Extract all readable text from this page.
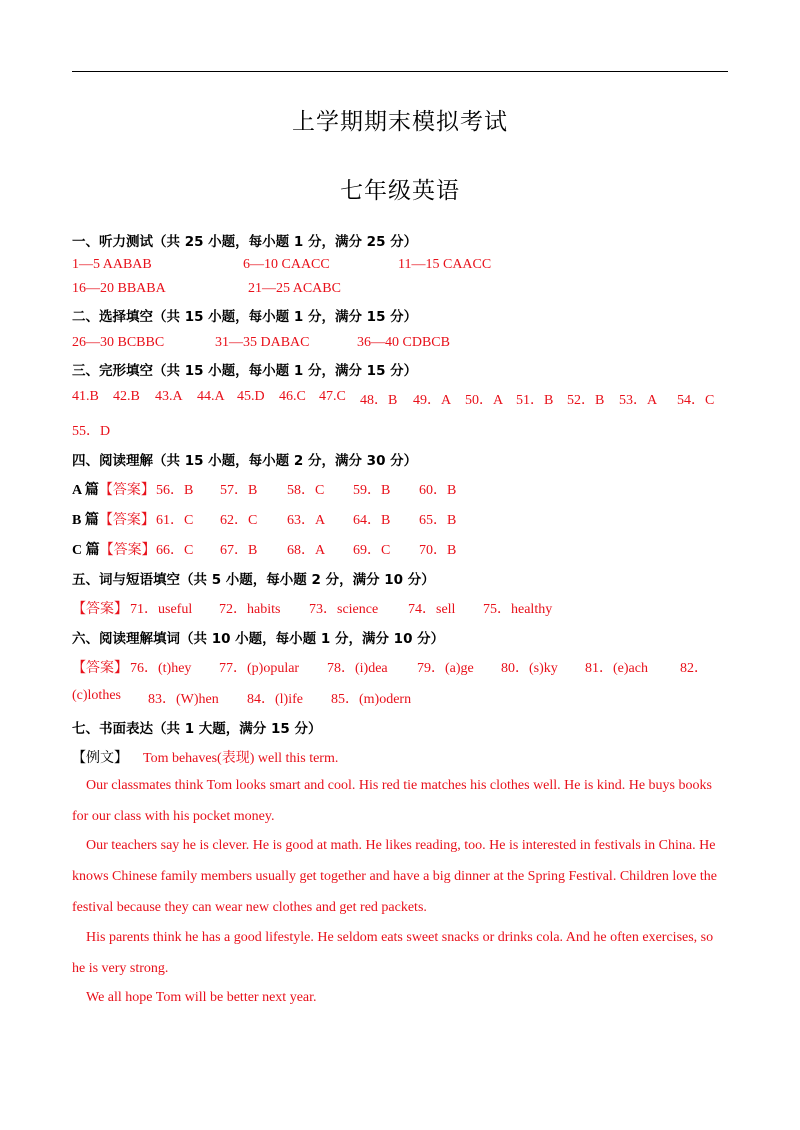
上学期期末模拟考试
七年级英语
一、听力测试（共 25 小题，每小题 1 分，满分 25 分）
1—5 AABAB	6—10 CAACC	11—15 CAACC
16—20 BBABA	21—25 ACABC
二、选择填空（共 15 小题，每小题 1 分，满分 15 分）
26—30 BCBBC	31—35 DABAC	36—40 CDBCB
三、完形填空（共 15 小题，每小题 1 分，满分 15 分）
41.B 42.B 43.A 44.A 45.D 46.C 47.C 48．B 49．A 50．A 51．B 52．B 53．A 54．C
55．D
四、阅读理解（共 15 小题，每小题 2 分，满分 30 分）
A 篇【答案】 56．B 57．B 58．C 59．B 60．B
B 篇【答案】 61．C 62．C 63．A 64．B 65．B
C 篇【答案】 66．C 67．B 68．A 69．C 70．B
五、词与短语填空（共 5 小题，每小题 2 分，满分 10 分）
【答案】 71．useful 72．habits 73．science 74．sell 75．healthy
六、阅读理解填词（共 10 小题，每小题 1 分，满分 10 分）
【答案】 76．(t)hey 77．(p)opular 78．(i)dea 79．(a)ge 80．(s)ky 81．(e)ach 82．
(c)lothes 83．(W)hen 84．(l)ife 85．(m)odern
七、书面表达（共 1 大题，满分 15 分）
【例文】 Tom behaves(表现) well this term.
Our classmates think Tom looks smart and cool. His red tie matches his clothes well. He is kind. He buys books for our class with his pocket money.
Our teachers say he is clever. He is good at math. He likes reading, too. He is interested in festivals in China. He knows Chinese family members usually get together and have a big dinner at the Spring Festival. Children love the festival because they can wear new clothes and get red packets.
His parents think he has a good lifestyle. He seldom eats sweet snacks or drinks cola. And he often exercises, so he is very strong.
We all hope Tom will be better next year.
